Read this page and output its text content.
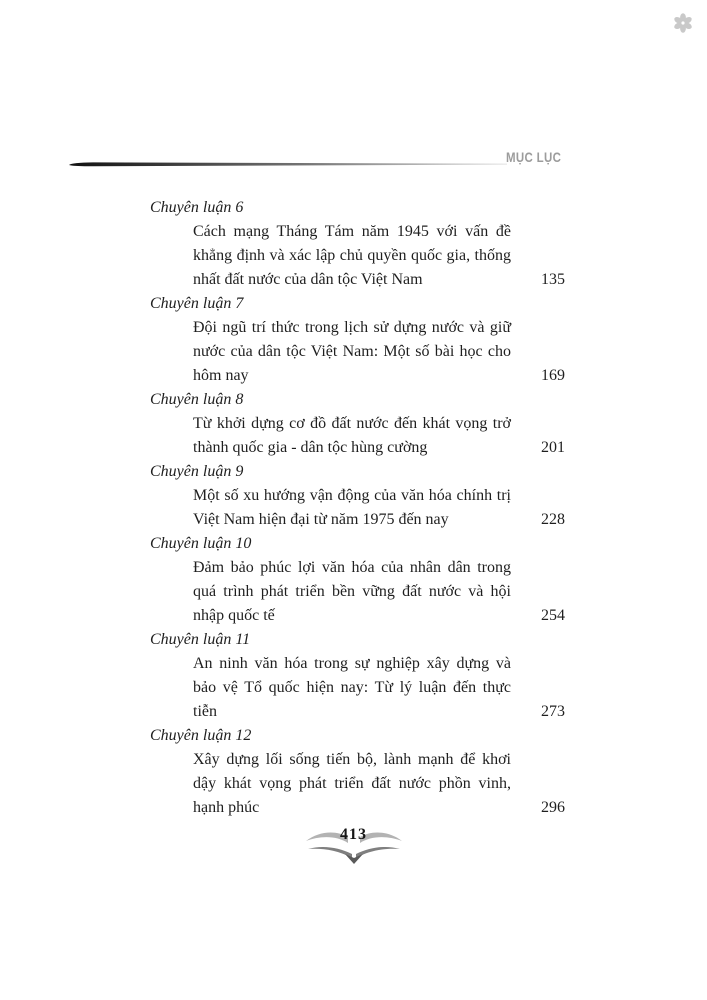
MỤC LỤC
Chuyên luận 6
Cách mạng Tháng Tám năm 1945 với vấn đề khẳng định và xác lập chủ quyền quốc gia, thống nhất đất nước của dân tộc Việt Nam	135
Chuyên luận 7
Đội ngũ trí thức trong lịch sử dựng nước và giữ nước của dân tộc Việt Nam: Một số bài học cho hôm nay	169
Chuyên luận 8
Từ khởi dựng cơ đồ đất nước đến khát vọng trở thành quốc gia - dân tộc hùng cường	201
Chuyên luận 9
Một số xu hướng vận động của văn hóa chính trị Việt Nam hiện đại từ năm 1975 đến nay	228
Chuyên luận 10
Đảm bảo phúc lợi văn hóa của nhân dân trong quá trình phát triển bền vững đất nước và hội nhập quốc tế	254
Chuyên luận 11
An ninh văn hóa trong sự nghiệp xây dựng và bảo vệ Tổ quốc hiện nay: Từ lý luận đến thực tiễn	273
Chuyên luận 12
Xây dựng lối sống tiến bộ, lành mạnh để khơi dậy khát vọng phát triển đất nước phồn vinh, hạnh phúc	296
413
